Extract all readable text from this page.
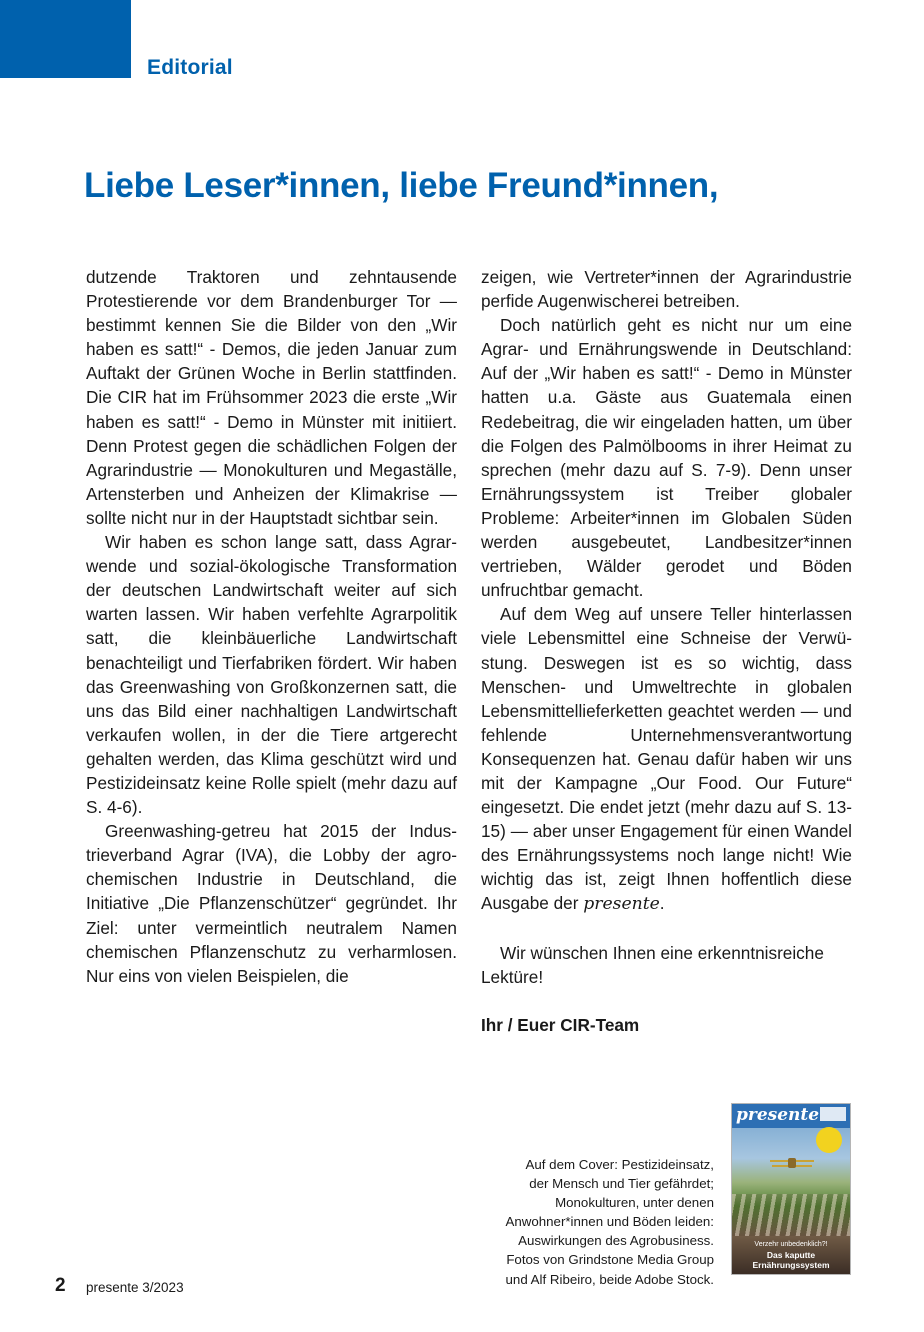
Editorial
Liebe Leser*innen, liebe Freund*innen,

dutzende Traktoren und zehntausende Protestierende vor dem Brandenburger Tor — bestimmt kennen Sie die Bilder von den „Wir haben es satt!“ - Demos, die jeden Januar zum Auftakt der Grünen Woche in Berlin stattfinden. Die CIR hat im Frühsommer 2023 die erste „Wir haben es satt!“ - Demo in Münster mit initiiert. Denn Protest gegen die schädlichen Folgen der Agrarindustrie — Monokulturen und Megaställe, Artensterben und Anheizen der Klimakrise — sollte nicht nur in der Hauptstadt sichtbar sein.

Wir haben es schon lange satt, dass Agrarwende und sozial-ökologische Transformation der deutschen Landwirtschaft weiter auf sich warten lassen. Wir haben verfehlte Agrarpolitik satt, die kleinbäuerliche Landwirtschaft benachteiligt und Tierfabriken fördert. Wir haben das Greenwashing von Großkonzernen satt, die uns das Bild einer nachhaltigen Landwirtschaft verkaufen wollen, in der die Tiere artgerecht gehalten werden, das Klima geschützt wird und Pestizideinsatz keine Rolle spielt (mehr dazu auf S. 4-6).

Greenwashing-getreu hat 2015 der Industrieverband Agrar (IVA), die Lobby der agrochemischen Industrie in Deutschland, die Initiative „Die Pflanzenschützer“ gegründet. Ihr Ziel: unter vermeintlich neutralem Namen chemischen Pflanzenschutz zu verharmlosen. Nur eins von vielen Beispielen, die

zeigen, wie Vertreter*innen der Agrarindustrie perfide Augenwischerei betreiben.

Doch natürlich geht es nicht nur um eine Agrar- und Ernährungswende in Deutschland: Auf der „Wir haben es satt!“ - Demo in Münster hatten u.a. Gäste aus Guatemala einen Redebeitrag, die wir eingeladen hatten, um über die Folgen des Palmölbooms in ihrer Heimat zu sprechen (mehr dazu auf S. 7-9). Denn unser Ernährungssystem ist Treiber globaler Probleme: Arbeiter*innen im Globalen Süden werden ausgebeutet, Landbesitzer*innen vertrieben, Wälder gerodet und Böden unfruchtbar gemacht.

Auf dem Weg auf unsere Teller hinterlassen viele Lebensmittel eine Schneise der Verwüstung. Deswegen ist es so wichtig, dass Menschen- und Umweltrechte in globalen Lebensmittellieferketten geachtet werden — und fehlende Unternehmensverantwortung Konsequenzen hat. Genau dafür haben wir uns mit der Kampagne „Our Food. Our Future“ eingesetzt. Die endet jetzt (mehr dazu auf S. 13-15) — aber unser Engagement für einen Wandel des Ernährungssystems noch lange nicht! Wie wichtig das ist, zeigt Ihnen hoffentlich diese Ausgabe der presente.

Wir wünschen Ihnen eine erkenntnisreiche Lektüre!

Ihr / Euer CIR-Team

Auf dem Cover: Pestizideinsatz,
der Mensch und Tier gefährdet;
Monokulturen, unter denen
Anwohner*innen und Böden leiden:
Auswirkungen des Agrobusiness.
Fotos von Grindstone Media Group
und Alf Ribeiro, beide Adobe Stock.
presente
Verzehr unbedenklich?!
Das kaputte
Ernährungssystem
2 presente 3/2023
